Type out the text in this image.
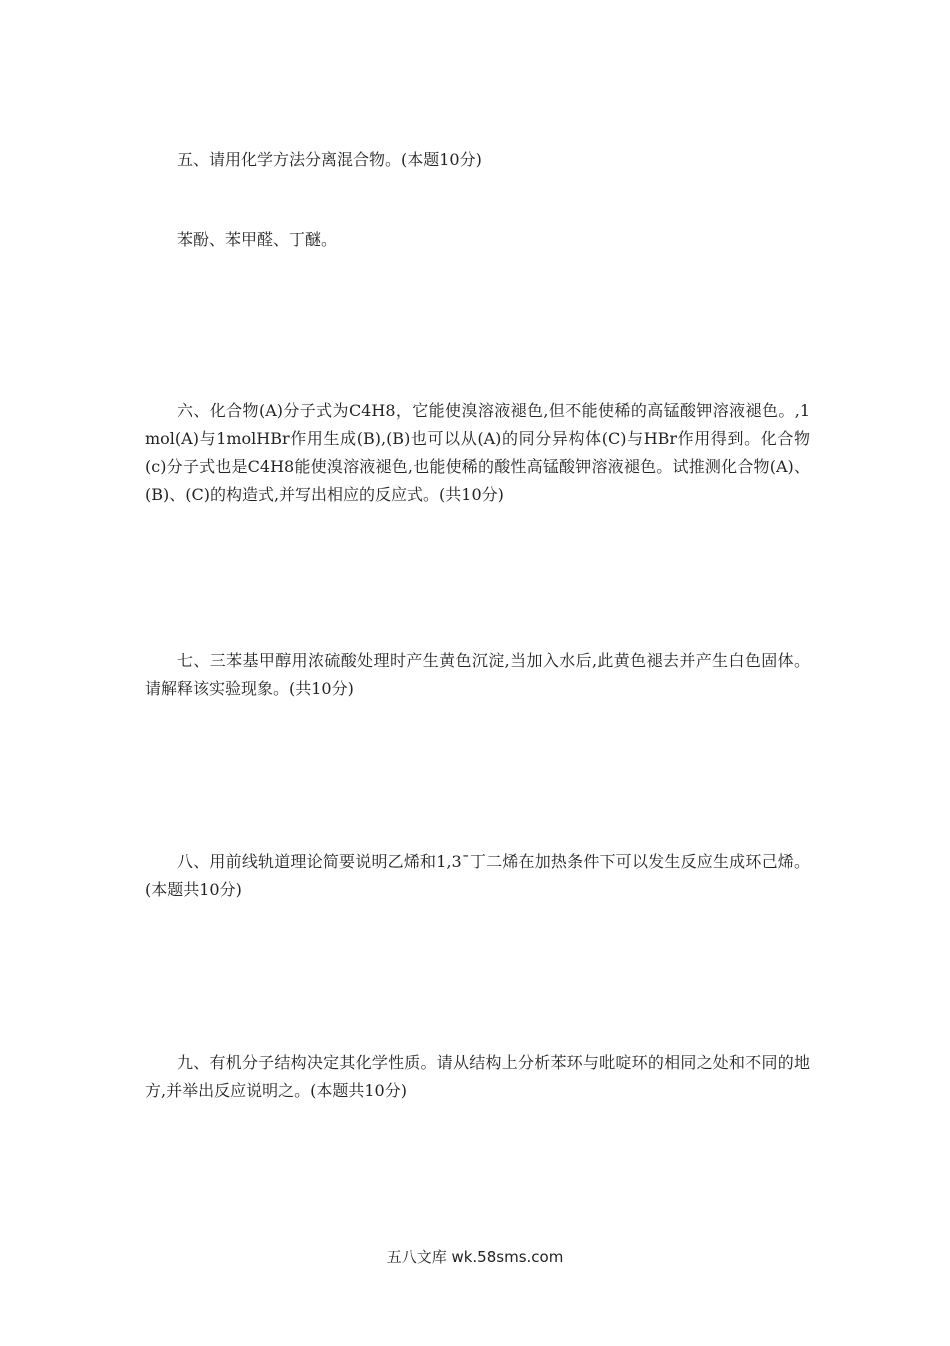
五、请用化学方法分离混合物。(本题10分)

苯酚、苯甲醛、丁醚。

六、化合物(A)分子式为C4H8，它能使溴溶液褪色,但不能使稀的高锰酸钾溶液褪色。,1mol(A)与1molHBr作用生成(B),(B)也可以从(A)的同分异构体(C)与HBr作用得到。化合物(c)分子式也是C4H8能使溴溶液褪色,也能使稀的酸性高锰酸钾溶液褪色。试推测化合物(A)、(B)、(C)的构造式,并写出相应的反应式。(共10分)

七、三苯基甲醇用浓硫酸处理时产生黄色沉淀,当加入水后,此黄色褪去并产生白色固体。请解释该实验现象。(共10分)

八、用前线轨道理论简要说明乙烯和1,3ˉ丁二烯在加热条件下可以发生反应生成环己烯。(本题共10分)

九、有机分子结构决定其化学性质。请从结构上分析苯环与吡啶环的相同之处和不同的地方,并举出反应说明之。(本题共10分)

五八文库 wk.58sms.com
